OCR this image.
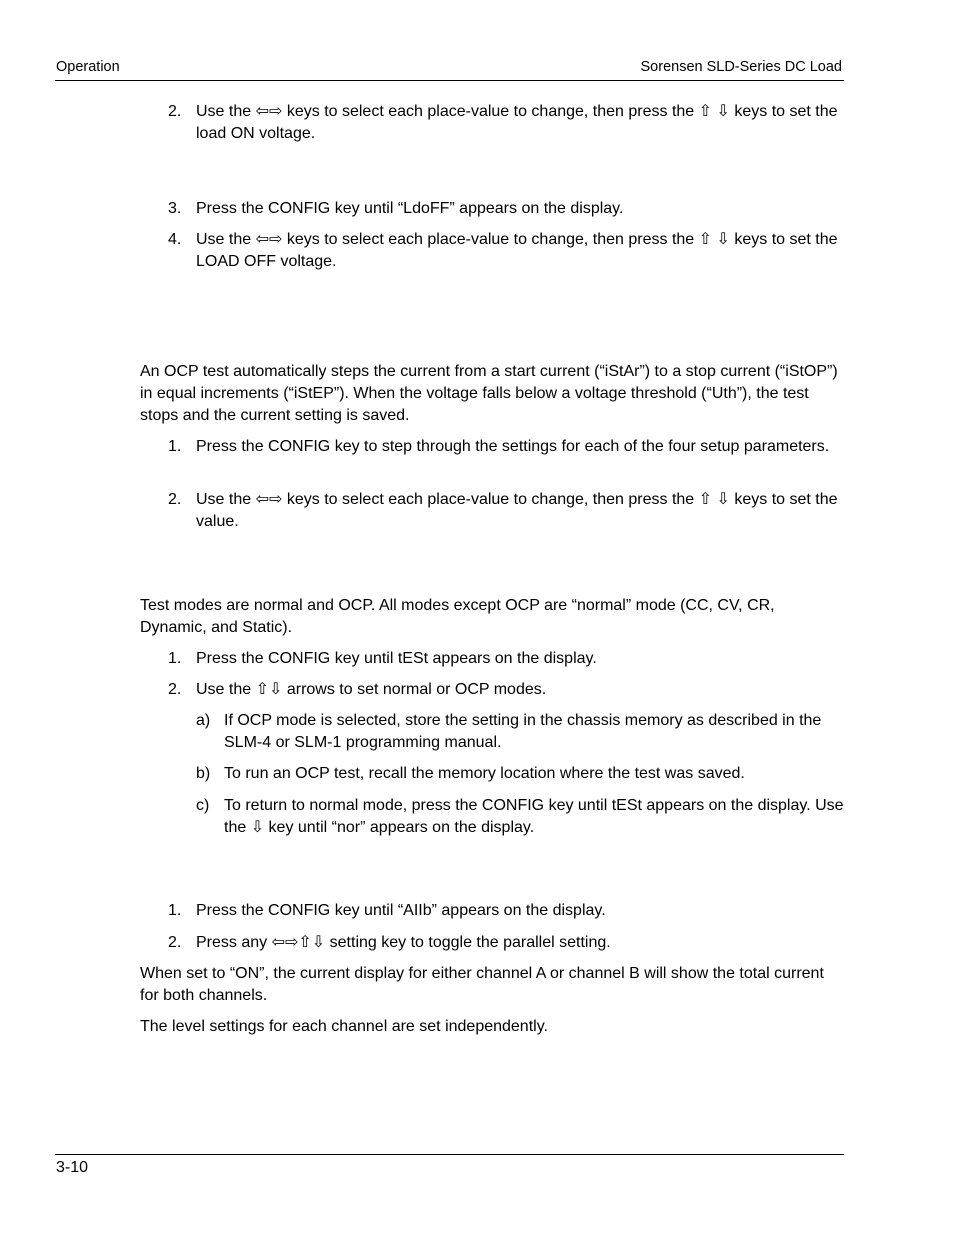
Operation	Sorensen SLD-Series DC Load
2. Use the ⇦⇨ keys to select each place-value to change, then press the ⇧ ⇩ keys to set the load ON voltage.
3. Press the CONFIG key until “LdoFF” appears on the display.
4. Use the ⇦⇨ keys to select each place-value to change, then press the ⇧ ⇩ keys to set the LOAD OFF voltage.
An OCP test automatically steps the current from a start current (“iStAr”) to a stop current (“iStOP”) in equal increments (“iStEP”). When the voltage falls below a voltage threshold (“Uth”), the test stops and the current setting is saved.
1. Press the CONFIG key to step through the settings for each of the four setup parameters.
2. Use the ⇦⇨ keys to select each place-value to change, then press the ⇧ ⇩ keys to set the value.
Test modes are normal and OCP. All modes except OCP are “normal” mode (CC, CV, CR, Dynamic, and Static).
1. Press the CONFIG key until tESt appears on the display.
2. Use the ⇧⇩ arrows to set normal or OCP modes.
a) If OCP mode is selected, store the setting in the chassis memory as described in the SLM-4 or SLM-1 programming manual.
b) To run an OCP test, recall the memory location where the test was saved.
c) To return to normal mode, press the CONFIG key until tESt appears on the display. Use the ⇩ key until “nor” appears on the display.
1. Press the CONFIG key until “AIIb” appears on the display.
2. Press any ⇦⇨⇧⇩ setting key to toggle the parallel setting.
When set to “ON”, the current display for either channel A or channel B will show the total current for both channels.
The level settings for each channel are set independently.
3-10
